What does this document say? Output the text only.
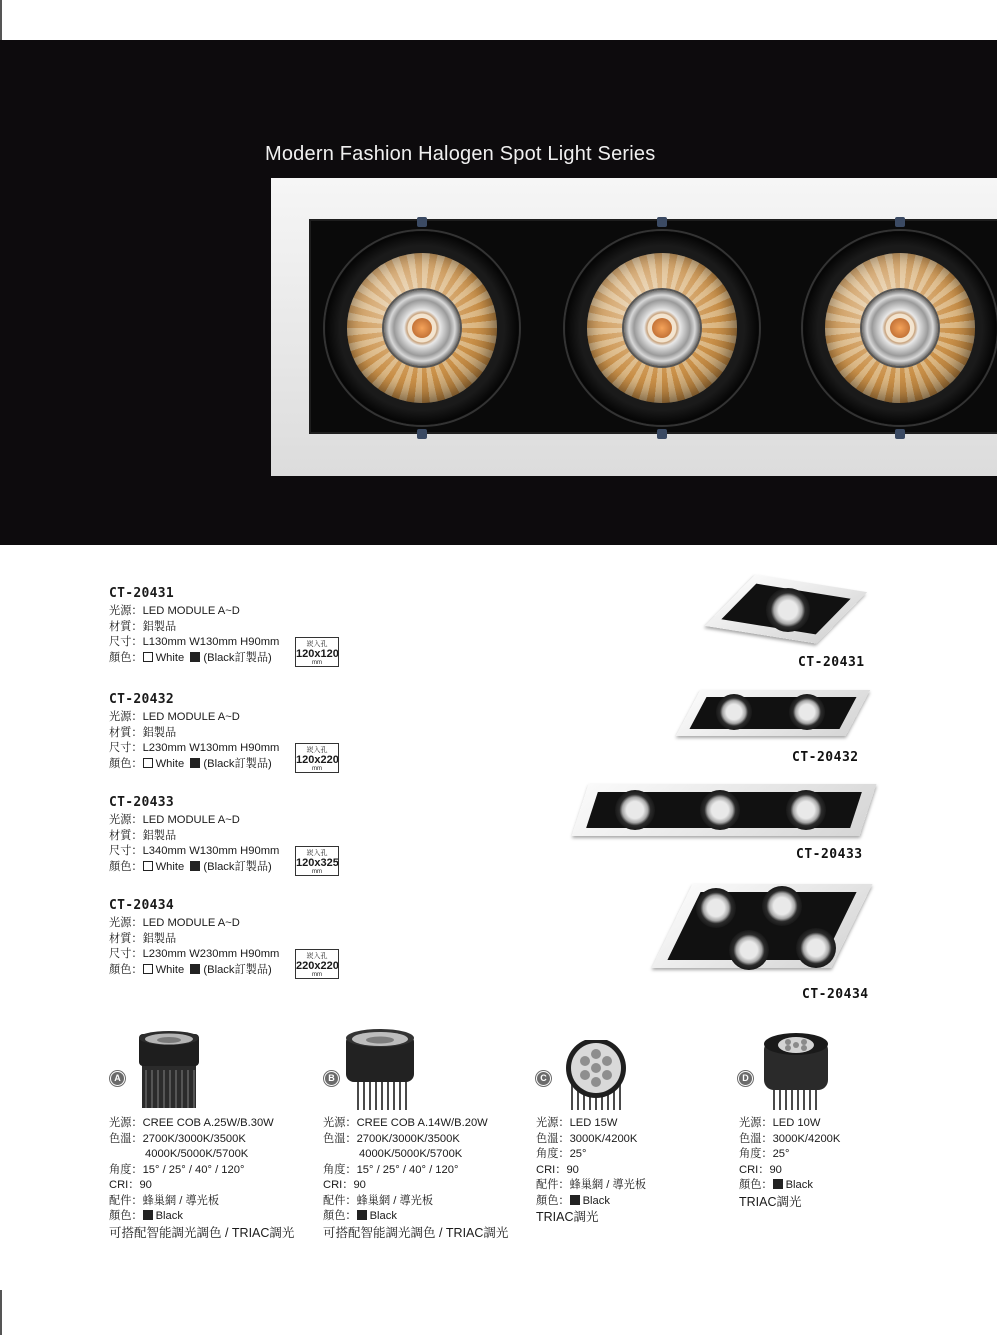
Modern Fashion Halogen Spot Light Series
CT-20431
光源：LED MODULE A~D
材質：鋁製品
尺寸：L130mm W130mm H90mm
顏色： White (Black訂製品)
崁入孔
120x120
mm
CT-20432
光源：LED MODULE A~D
材質：鋁製品
尺寸：L230mm W130mm H90mm
顏色： White (Black訂製品)
崁入孔
120x220
mm
CT-20433
光源：LED MODULE A~D
材質：鋁製品
尺寸：L340mm W130mm H90mm
顏色： White (Black訂製品)
崁入孔
120x325
mm
CT-20434
光源：LED MODULE A~D
材質：鋁製品
尺寸：L230mm W230mm H90mm
顏色： White (Black訂製品)
崁入孔
220x220
mm
CT-20431
CT-20432
CT-20433
CT-20434
A
光源：CREE COB A.25W/B.30W
色溫：2700K/3000K/3500K
4000K/5000K/5700K
角度：15° / 25° / 40° / 120°
CRI：90
配件：蜂巢網 / 導光板
顏色： Black
可搭配智能調光調色 / TRIAC調光
B
光源：CREE COB A.14W/B.20W
色溫：2700K/3000K/3500K
4000K/5000K/5700K
角度：15° / 25° / 40° / 120°
CRI：90
配件：蜂巢網 / 導光板
顏色： Black
可搭配智能調光調色 / TRIAC調光
C
光源：LED 15W
色溫：3000K/4200K
角度：25°
CRI：90
配件：蜂巢網 / 導光板
顏色： Black
TRIAC調光
D
光源：LED 10W
色溫：3000K/4200K
角度：25°
CRI：90
顏色： Black
TRIAC調光
